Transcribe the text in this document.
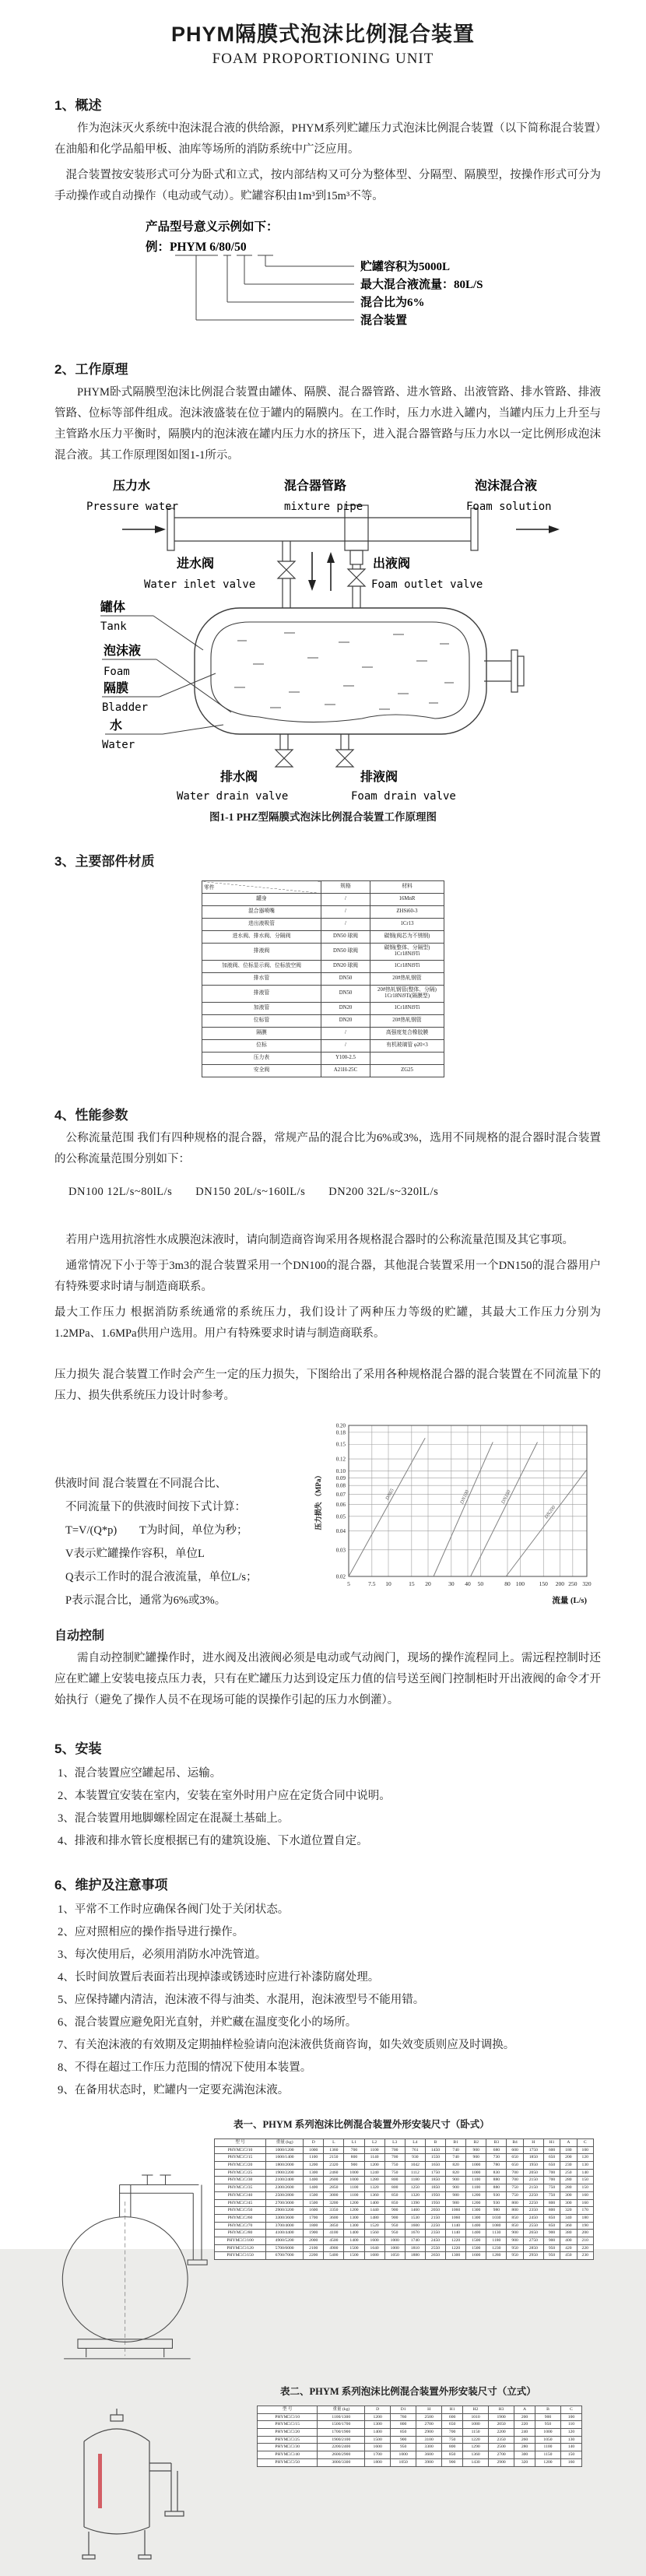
PHYM隔膜式泡沫比例混合装置
FOAM PROPORTIONING UNIT
1、概述
作为泡沫灭火系统中泡沫混合液的供给源，PHYM系列贮罐压力式泡沫比例混合装置（以下简称混合装置）在油船和化学品船甲板、油库等场所的消防系统中广泛应用。
混合装置按安装形式可分为卧式和立式，按内部结构又可分为整体型、分隔型、隔膜型，按操作形式可分为手动操作或自动操作（电动或气动）。贮罐容积由1m³到15m³不等。
产品型号意义示例如下：
例：PHYM 6/80/50
贮罐容积为5000L
最大混合液流量：80L/S
混合比为6%
混合装置
2、工作原理
PHYM卧式隔膜型泡沫比例混合装置由罐体、隔膜、混合器管路、进水管路、出液管路、排水管路、排液管路、位标等部件组成。泡沫液盛装在位于罐内的隔膜内。在工作时，压力水进入罐内，当罐内压力上升至与主管路水压力平衡时，隔膜内的泡沫液在罐内压力水的挤压下，进入混合器管路与压力水以一定比例形成泡沫混合液。其工作原理图如图1-1所示。
压力水
Pressure water
混合器管路
mixture pipe
泡沫混合液
Foam solution
进水阀
Water inlet valve
出液阀
Foam outlet valve
罐体
Tank
泡沫液
Foam
隔膜
Bladder
水
Water
排水阀
Water drain valve
排液阀
Foam drain valve
图1-1 PHZ型隔膜式泡沫比例混合装置工作原理图
3、主要部件材质
零件	规格	材料
罐身	/	16MnR
混合器喷嘴	/	ZHSi60-3
进出液吸管	/	1Cr13
进水阀、排水阀、分隔阀	DN50 球阀	碳钢(阀芯为不锈钢)
排液阀	DN50 球阀	碳钢(整体、分隔型) 1Cr18Ni9Ti
加液阀、位标显示阀、位标放空阀	DN20 球阀	1Cr18Ni9Ti
排水管	DN50	20#热轧钢管
排液管	DN50	20#热轧钢管(整体、分隔) 1Cr18Ni9Ti(隔膜型)
加液管	DN20	1Cr18Ni9Ti
位标管	DN20	20#热轧钢管
隔膜	/	高强度复合橡胶膜
位标	/	有机玻璃管 φ20×3
压力表	Y100-2.5	
安全阀	A21H-25C	ZG25
4、性能参数
公称流量范围 我们有四种规格的混合器，常规产品的混合比为6%或3%，选用不同规格的混合器时混合装置的公称流量范围分别如下：
DN100 12L/s~80lL/s　　DN150 20L/s~160lL/s　　DN200 32L/s~320lL/s
若用户选用抗溶性水成膜泡沫液时，请向制造商咨询采用各规格混合器时的公称流量范围及其它事项。
通常情况下小于等于3m3的混合装置采用一个DN100的混合器，其他混合装置采用一个DN150的混合器用户有特殊要求时请与制造商联系。
最大工作压力 根据消防系统通常的系统压力，我们设计了两种压力等级的贮罐，其最大工作压力分别为1.2MPa、1.6MPa供用户选用。用户有特殊要求时请与制造商联系。
压力损失 混合装置工作时会产生一定的压力损失，下图给出了采用各种规格混合器的混合装置在不同流量下的压力、损失供系统压力设计时参考。
供液时间 混合装置在不同混合比、
不同流量下的供液时间按下式计算：
T=V/(Q*p)　　T为时间，单位为秒；
V表示贮罐操作容积，单位L
Q表示工作时的混合液流量，单位L/s；
P表示混合比，通常为6%或3%。
5	7.5 10	15 20	30 40 50	80 100 150 200 250 320
0.02
0.03
0.04
0.05
0.06
0.07
0.08
0.09
0.10
0.12
0.15
0.18
0.20
DN65	DN100	DN150
DN200
压力损失 （MPa）
流量 (L/s)
自动控制
需自动控制贮罐操作时，进水阀及出液阀必须是电动或气动阀门，现场的操作流程同上。需远程控制时还应在贮罐上安装电接点压力表，只有在贮罐压力达到设定压力值的信号送至阀门控制柜时开出液阀的命令才开始执行（避免了操作人员不在现场可能的误操作引起的压力水倒灌）。
5、安装
1、混合装置应空罐起吊、运输。
2、本装置宜安装在室内，安装在室外时用户应在定货合同中说明。
3、混合装置用地脚螺栓固定在混凝土基础上。
4、排液和排水管长度根据已有的建筑设施、下水道位置自定。
6、维护及注意事项
1、平常不工作时应确保各阀门处于关闭状态。
2、应对照相应的操作指导进行操作。
3、每次使用后，必须用消防水冲洗管道。
4、长时间放置后表面若出现掉漆或锈迹时应进行补漆防腐处理。
5、应保持罐内清洁，泡沫液不得与油类、水混用，泡沫液型号不能用错。
6、混合装置应避免阳光直射，并贮藏在温度变化小的场所。
7、有关泡沫液的有效期及定期抽样检验请向泡沫液供货商咨询，如失效变质则应及时调换。
8、不得在超过工作压力范围的情况下使用本装置。
9、在备用状态时，贮罐内一定要充满泡沫液。
表一、PHYM 系列泡沫比例混合装置外形安装尺寸（卧式）
型 号	重量 (kg)	D	L	L1	L2	L3	L4	B	B1	B2	B3	B4	H	H1	A	C
PHYM□/□/10	1000/1200	1000	1360	700	1100	700	761	1450	740	900	680	600	1750	600	180	100
PHYM□/□/15	1600/1400	1100	2150	800	1140	700	930	1550	740	900	730	650	1850	650	200	120
PHYM□/□/20	1800/2000	1200	2320	900	1200	750	1042	1650	820	1000	780	650	1950	650	230	130
PHYM□/□/25	1900/2200	1300	2460	1000	1240	750	1112	1750	820	1000	830	700	2050	700	250	140
PHYM□/□/30	2100/2400	1400	2600	1000	1280	800	1180	1850	900	1100	880	700	2150	700	280	150
PHYM□/□/35	2300/2600	1400	2850	1100	1320	800	1250	1850	900	1100	880	750	2150	750	280	150
PHYM□/□/40	2500/2800	1500	3000	1100	1360	850	1320	1950	980	1200	930	750	2250	750	300	160
PHYM□/□/45	2700/3000	1500	3200	1200	1400	850	1390	1950	980	1200	930	800	2250	800	300	160
PHYM□/□/50	2900/3200	1600	3350	1200	1440	900	1460	2050	1060	1300	980	800	2350	800	320	170
PHYM□/□/60	3300/3600	1700	3600	1300	1480	900	1530	2150	1060	1300	1030	850	2450	850	340	180
PHYM□/□/70	3700/4000	1800	3850	1300	1520	950	1600	2250	1140	1400	1080	850	2550	850	360	190
PHYM□/□/80	4100/4400	1900	4100	1400	1560	950	1670	2350	1140	1400	1130	900	2650	900	380	200
PHYM□/□/100	4900/5200	2000	4500	1400	1600	1000	1740	2450	1220	1500	1180	900	2750	900	400	210
PHYM□/□/120	5700/6000	2100	4900	1500	1640	1000	1810	2550	1220	1500	1230	950	2850	950	420	220
PHYM□/□/150	6700/7000	2200	5400	1500	1680	1050	1880	2650	1300	1600	1280	950	2950	950	450	230
表二、PHYM 系列泡沫比例混合装置外形安装尺寸（立式）
型 号	重量 (kg)	D	D1	H	H1	H2	H3	A	B	C
PHYM□/□/10	1100/1300	1200	760	2500	600	1010	1900	200	900	100
PHYM□/□/15	1500/1700	1300	800	2700	650	1080	2050	220	950	110
PHYM□/□/20	1700/1900	1400	850	2900	700	1150	2200	240	1000	120
PHYM□/□/25	1900/2100	1500	900	3100	750	1220	2350	260	1050	130
PHYM□/□/30	2200/2400	1600	950	3300	800	1290	2500	280	1100	140
PHYM□/□/40	2600/2900	1700	1000	3600	850	1360	2700	300	1150	150
PHYM□/□/50	3000/3300	1800	1050	3900	900	1430	2900	320	1200	160
